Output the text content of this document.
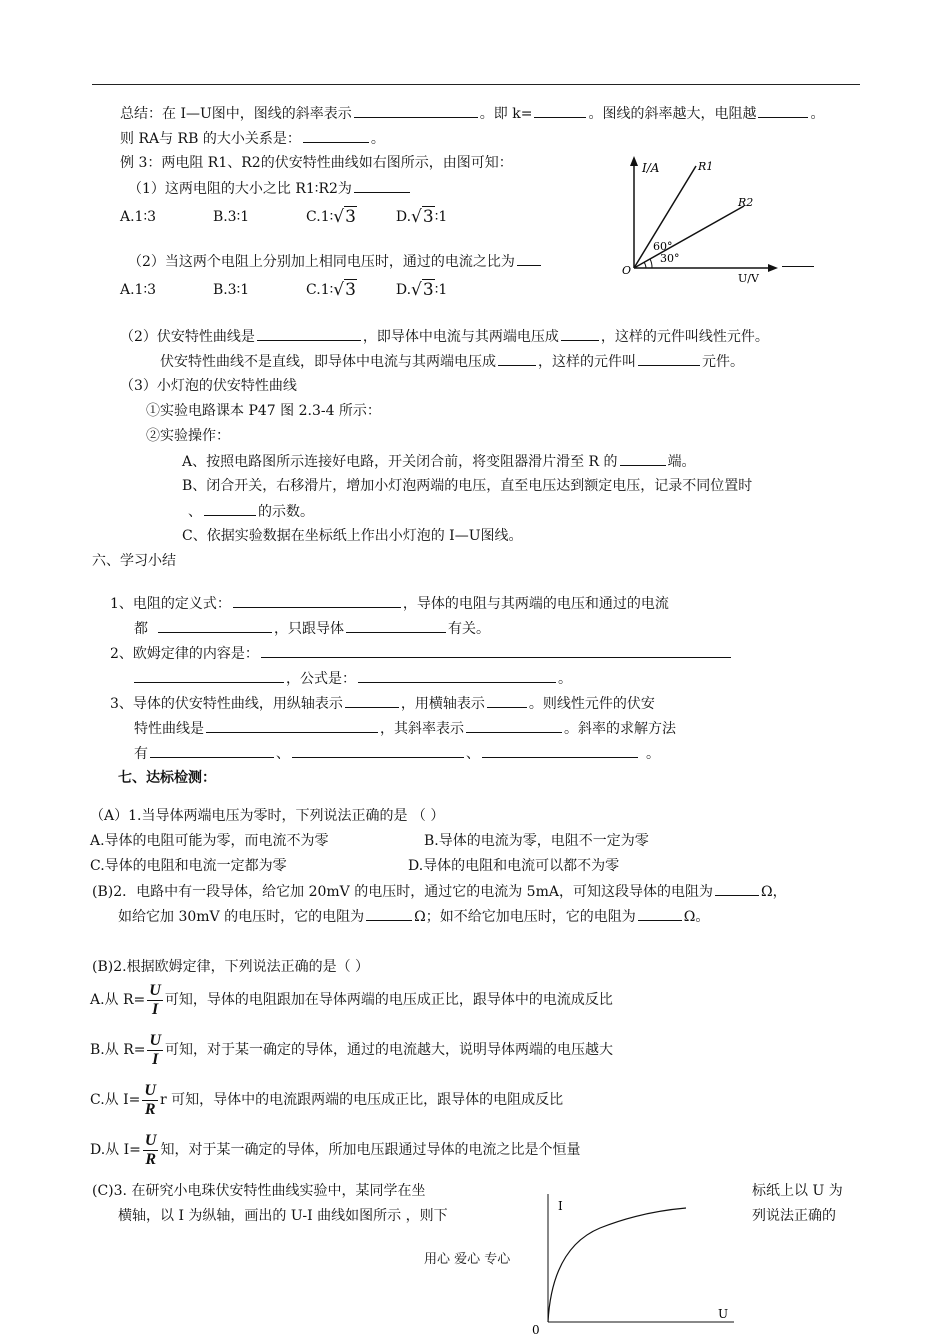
总结：在 I—U图中，图线的斜率表示	。即 k=	。图线的斜率越大，电阻越	。
则 RA与 RB 的大小关系是：	。
例 3：两电阻 R1、R2的伏安特性曲线如右图所示，由图可知：
（1）这两电阻的大小之比 R1∶R2为
A.1∶3	B.3∶1	C.1∶√3	D.√3∶1
（2）当这两个电阻上分别加上相同电压时，通过的电流之比为
A.1∶3	B.3∶1	C.1∶√3	D.√3∶1
I/A
U/V
O
R1
R2
60°
30°
（2）伏安特性曲线是	，即导体中电流与其两端电压成	，这样的元件叫线性元件。
伏安特性曲线不是直线，即导体中电流与其两端电压成	，这样的元件叫	元件。
（3）小灯泡的伏安特性曲线
①实验电路课本 P47 图 2.3-4 所示：
②实验操作：
A、按照电路图所示连接好电路，开关闭合前，将变阻器滑片滑至 R 的	端。
B、闭合开关，右移滑片，增加小灯泡两端的电压，直至电压达到额定电压，记录不同位置时
、	的示数。
C、依据实验数据在坐标纸上作出小灯泡的 I—U图线。
六、学习小结
1、电阻的定义式：	，导体的电阻与其两端的电压和通过的电流
都	，只跟导体	有关。
2、欧姆定律的内容是：
，公式是：	。
3、导体的伏安特性曲线，用纵轴表示	，用横轴表示	。则线性元件的伏安
特性曲线是	，其斜率表示	。斜率的求解方法
有	、	、	。
七、达标检测：
（A）1.当导体两端电压为零时，下列说法正确的是 （ ）
A.导体的电阻可能为零，而电流不为零	B.导体的电流为零，电阻不一定为零
C.导体的电阻和电流一定都为零	D.导体的电阻和电流可以都不为零
(B)2．电路中有一段导体，给它加 20mV 的电压时，通过它的电流为 5mA，可知这段导体的电阻为	Ω，
如给它加 30mV 的电压时，它的电阻为	Ω；如不给它加电压时，它的电阻为	Ω。
(B)2.根据欧姆定律，下列说法正确的是（ ）
A.从 $R= \frac{U}{I}$ 可知，导体的电阻跟加在导体两端的电压成正比，跟导体中的电流成反比
B.从 $R= \frac{U}{I}$ 可知，对于某一确定的导体，通过的电流越大，说明导体两端的电压越大
C.从 $I= \frac{U}{R}$ r 可知，导体中的电流跟两端的电压成正比，跟导体的电阻成反比
D.从 $I= \frac{U}{R}$ 知，对于某一确定的导体，所加电压跟通过导体的电流之比是个恒量
(C)3. 在研究小电珠伏安特性曲线实验中，某同学在坐	标纸上以 U 为
横轴，以 I 为纵轴，画出的 U-I 曲线如图所示 ，则下	列说法正确的
用心 爱心 专心
I
U
0
